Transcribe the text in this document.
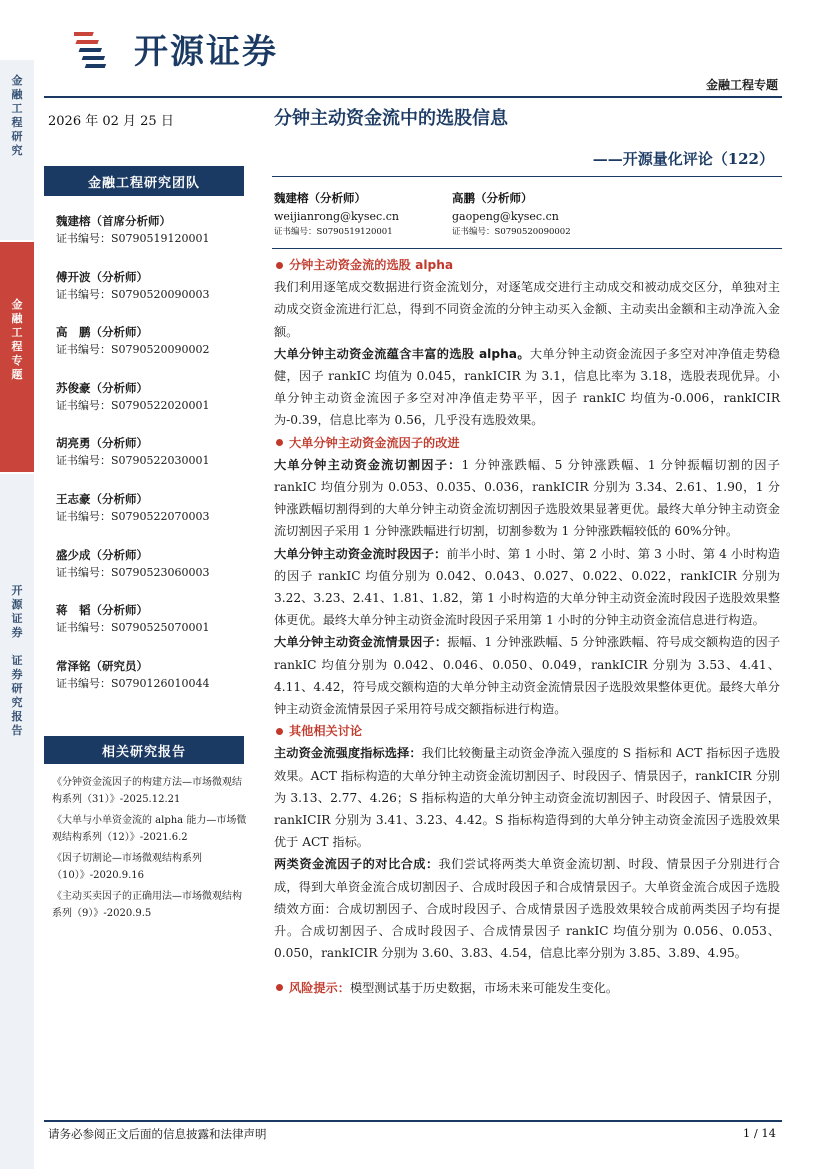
金
融
工
程
研
究
金
融
工
程
专
题
开
源
证
券

证
券
研
究
报
告
开源证券
金融工程专题
2026 年 02 月 25 日	分钟主动资金流中的选股信息
——开源量化评论（122）
金融工程研究团队
魏建榕（首席分析师）
证书编号：S0790519120001
傅开波（分析师）
证书编号：S0790520090003
高　鹏（分析师）
证书编号：S0790520090002
苏俊豪（分析师）
证书编号：S0790522020001
胡亮勇（分析师）
证书编号：S0790522030001
王志豪（分析师）
证书编号：S0790522070003
盛少成（分析师）
证书编号：S0790523060003
蒋　韬（分析师）
证书编号：S0790525070001
常泽铭（研究员）
证书编号：S0790126010044
相关研究报告
《分钟资金流因子的构建方法—市场微观结构系列（31）》-2025.12.21
《大单与小单资金流的 alpha 能力—市场微观结构系列（12）》-2021.6.2
《因子切割论—市场微观结构系列（10）》-2020.9.16
《主动买卖因子的正确用法—市场微观结构系列（9）》-2020.9.5
魏建榕（分析师）
weijianrong@kysec.cn
证书编号：S0790519120001
高鹏（分析师）
gaopeng@kysec.cn
证书编号：S0790520090002
分钟主动资金流的选股 alpha

我们利用逐笔成交数据进行资金流划分，对逐笔成交进行主动成交和被动成交区分，单独对主动成交资金流进行汇总，得到不同资金流的分钟主动买入金额、主动卖出金额和主动净流入金额。

大单分钟主动资金流蕴含丰富的选股 alpha。大单分钟主动资金流因子多空对冲净值走势稳健，因子 rankIC 均值为 0.045，rankICIR 为 3.1，信息比率为 3.18，选股表现优异。小单分钟主动资金流因子多空对冲净值走势平平，因子 rankIC 均值为-0.006，rankICIR 为-0.39，信息比率为 0.56，几乎没有选股效果。

大单分钟主动资金流因子的改进

大单分钟主动资金流切割因子：1 分钟涨跌幅、5 分钟涨跌幅、1 分钟振幅切割的因子 rankIC 均值分别为 0.053、0.035、0.036，rankICIR 分别为 3.34、2.61、1.90，1 分钟涨跌幅切割得到的大单分钟主动资金流切割因子选股效果显著更优。最终大单分钟主动资金流切割因子采用 1 分钟涨跌幅进行切割，切割参数为 1 分钟涨跌幅较低的 60%分钟。

大单分钟主动资金流时段因子：前半小时、第 1 小时、第 2 小时、第 3 小时、第 4 小时构造的因子 rankIC 均值分别为 0.042、0.043、0.027、0.022、0.022，rankICIR 分别为 3.22、3.23、2.41、1.81、1.82，第 1 小时构造的大单分钟主动资金流时段因子选股效果整体更优。最终大单分钟主动资金流时段因子采用第 1 小时的分钟主动资金流信息进行构造。

大单分钟主动资金流情景因子：振幅、1 分钟涨跌幅、5 分钟涨跌幅、符号成交额构造的因子 rankIC 均值分别为 0.042、0.046、0.050、0.049，rankICIR 分别为 3.53、4.41、4.11、4.42，符号成交额构造的大单分钟主动资金流情景因子选股效果整体更优。最终大单分钟主动资金流情景因子采用符号成交额指标进行构造。

其他相关讨论

主动资金流强度指标选择：我们比较衡量主动资金净流入强度的 S 指标和 ACT 指标因子选股效果。ACT 指标构造的大单分钟主动资金流切割因子、时段因子、情景因子，rankICIR 分别为 3.13、2.77、4.26；S 指标构造的大单分钟主动资金流切割因子、时段因子、情景因子，rankICIR 分别为 3.41、3.23、4.42。S 指标构造得到的大单分钟主动资金流因子选股效果优于 ACT 指标。

两类资金流因子的对比合成：我们尝试将两类大单资金流切割、时段、情景因子分别进行合成，得到大单资金流合成切割因子、合成时段因子和合成情景因子。大单资金流合成因子选股绩效方面：合成切割因子、合成时段因子、合成情景因子选股效果较合成前两类因子均有提升。合成切割因子、合成时段因子、合成情景因子 rankIC 均值分别为 0.056、0.053、0.050，rankICIR 分别为 3.60、3.83、4.54，信息比率分别为 3.85、3.89、4.95。

风险提示： 模型测试基于历史数据，市场未来可能发生变化。
请务必参阅正文后面的信息披露和法律声明	1 / 14
